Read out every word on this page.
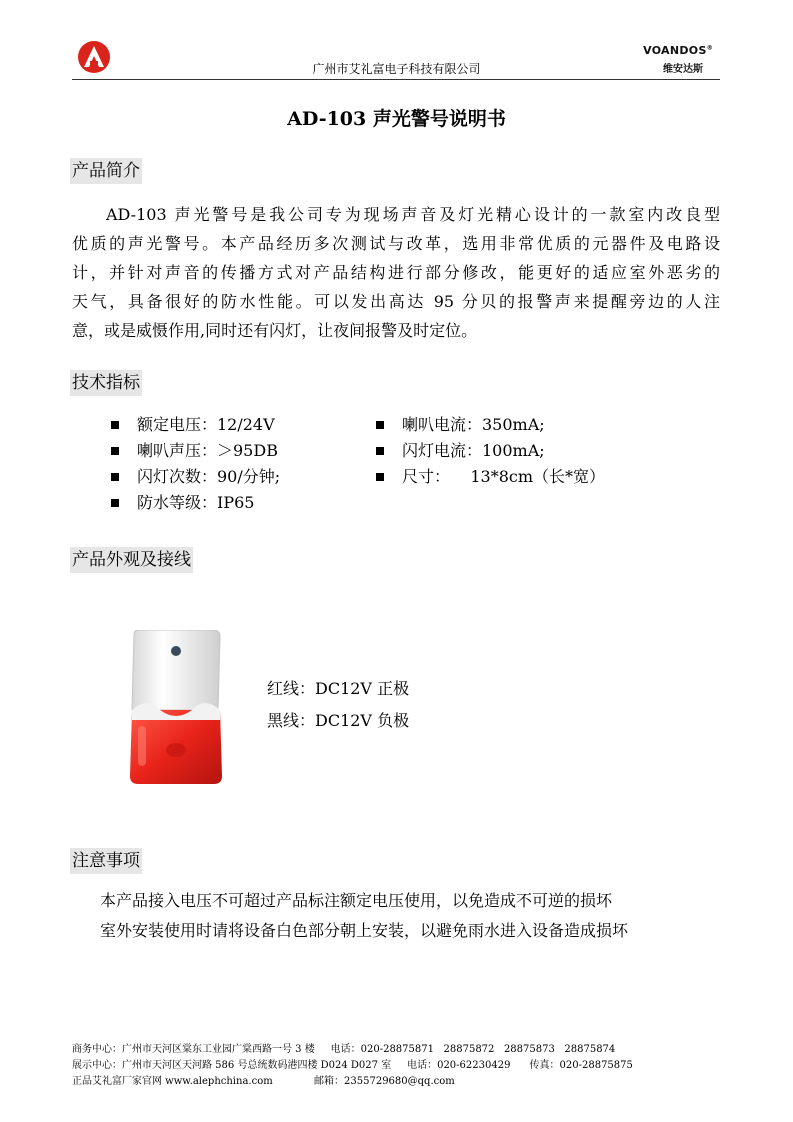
广州市艾礼富电子科技有限公司
VOANDOS®
维安达斯
AD-103 声光警号说明书
产品简介
AD-103 声光警号是我公司专为现场声音及灯光精心设计的一款室内改良型
优质的声光警号。本产品经历多次测试与改革，选用非常优质的元器件及电路设
计，并针对声音的传播方式对产品结构进行部分修改，能更好的适应室外恶劣的
天气，具备很好的防水性能。可以发出高达 95 分贝的报警声来提醒旁边的人注
意，或是威慑作用,同时还有闪灯，让夜间报警及时定位。
技术指标
额定电压：12/24V
喇叭声压：＞95DB
闪灯次数：90/分钟;
防水等级：IP65
喇叭电流：350mA;
闪灯电流：100mA;
尺寸：    13*8cm（长*宽）
产品外观及接线
红线：DC12V 正极
黑线：DC12V 负极
注意事项
本产品接入电压不可超过产品标注额定电压使用，以免造成不可逆的损坏
室外安装使用时请将设备白色部分朝上安装，以避免雨水进入设备造成损坏
商务中心：广州市天河区棠东工业园广棠西路一号 3 楼     电话：020-28875871   28875872   28875873   28875874
展示中心：广州市天河区天河路 586 号总统数码港四楼 D024 D027 室     电话：020-62230429      传真：020-28875875
正品艾礼富厂家官网 www.alephchina.com             邮箱：2355729680@qq.com
